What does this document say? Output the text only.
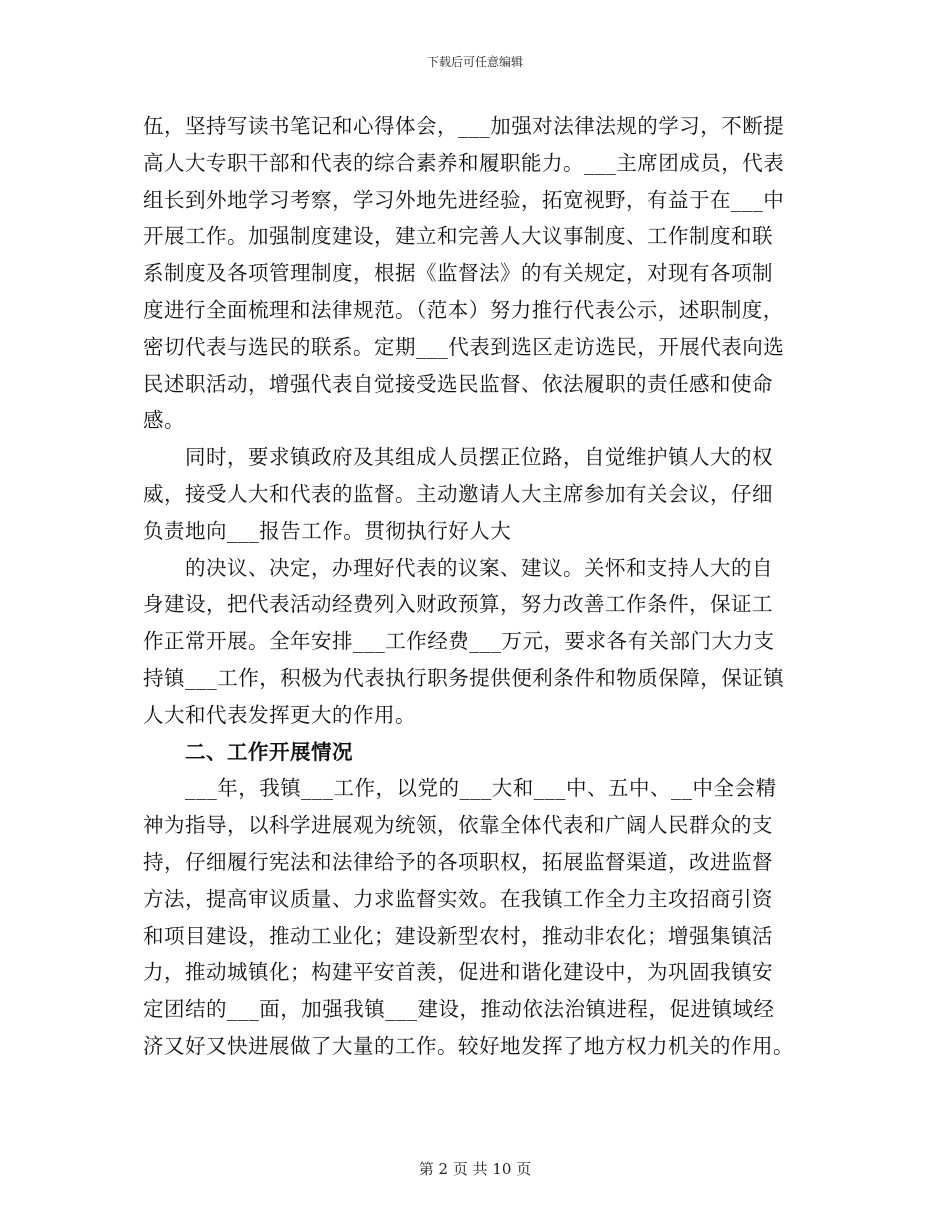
下载后可任意编辑
伍，坚持写读书笔记和心得体会，___加强对法律法规的学习，不断提
高人大专职干部和代表的综合素养和履职能力。___主席团成员，代表
组长到外地学习考察，学习外地先进经验，拓宽视野，有益于在___中
开展工作。加强制度建设，建立和完善人大议事制度、工作制度和联
系制度及各项管理制度，根据《监督法》的有关规定，对现有各项制
度进行全面梳理和法律规范。（范本）努力推行代表公示，述职制度，
密切代表与选民的联系。定期___代表到选区走访选民，开展代表向选
民述职活动，增强代表自觉接受选民监督、依法履职的责任感和使命
感。
同时，要求镇政府及其组成人员摆正位路，自觉维护镇人大的权
威，接受人大和代表的监督。主动邀请人大主席参加有关会议，仔细
负责地向___报告工作。贯彻执行好人大
的决议、决定，办理好代表的议案、建议。关怀和支持人大的自
身建设，把代表活动经费列入财政预算，努力改善工作条件，保证工
作正常开展。全年安排___工作经费___万元，要求各有关部门大力支
持镇___工作，积极为代表执行职务提供便利条件和物质保障，保证镇
人大和代表发挥更大的作用。
二、工作开展情况
___年，我镇___工作，以党的___大和___中、五中、__中全会精
神为指导，以科学进展观为统领，依靠全体代表和广阔人民群众的支
持，仔细履行宪法和法律给予的各项职权，拓展监督渠道，改进监督
方法，提高审议质量、力求监督实效。在我镇工作全力主攻招商引资
和项目建设，推动工业化；建设新型农村，推动非农化；增强集镇活
力，推动城镇化；构建平安首羡，促进和谐化建设中，为巩固我镇安
定团结的___面，加强我镇___建设，推动依法治镇进程，促进镇域经
济又好又快进展做了大量的工作。较好地发挥了地方权力机关的作用。
第 2 页 共 10 页
